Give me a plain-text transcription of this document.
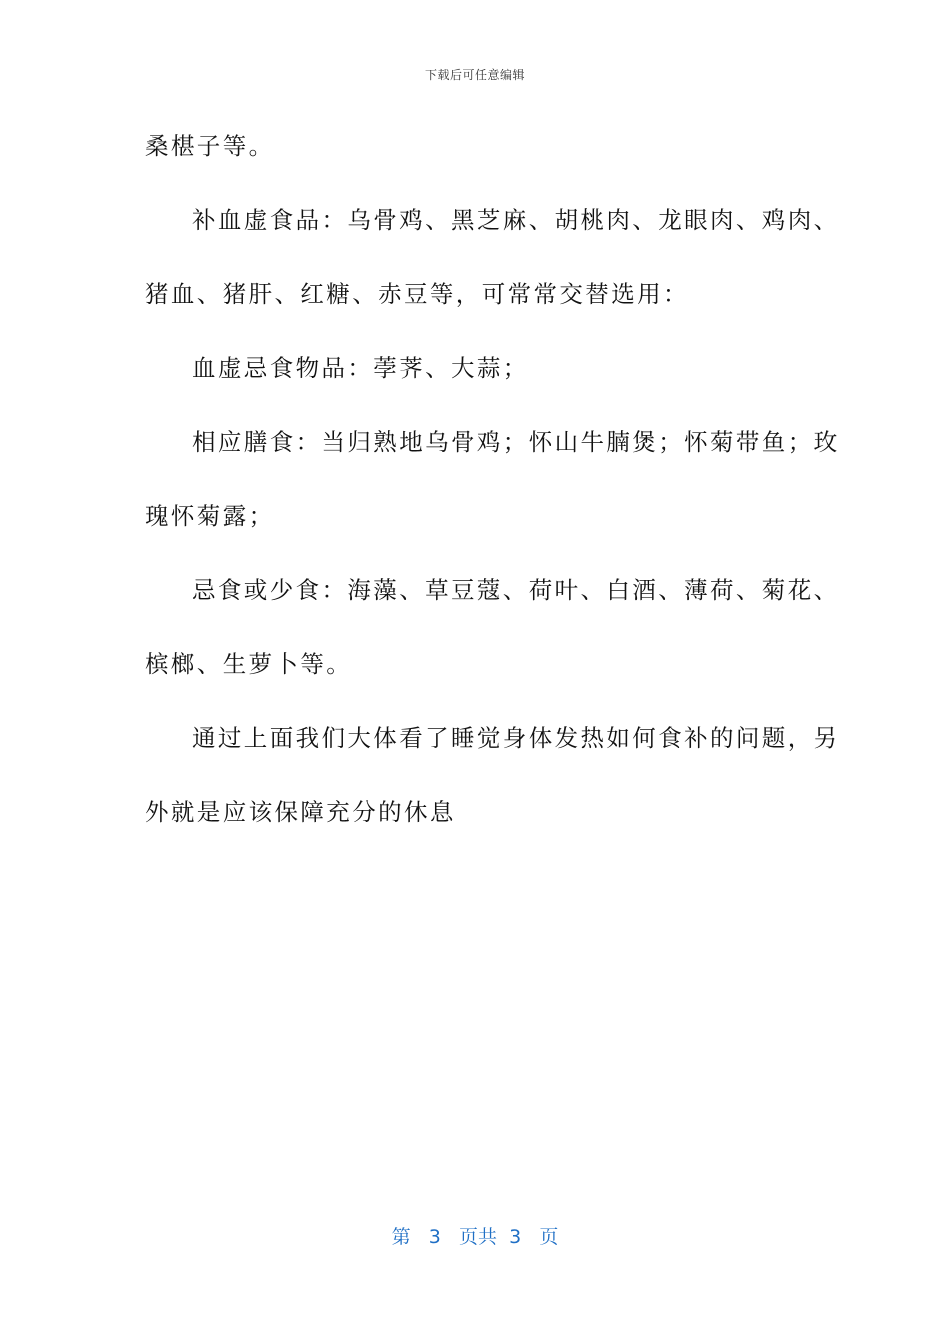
下载后可任意编辑
桑椹子等。
补血虚食品：乌骨鸡、黑芝麻、胡桃肉、龙眼肉、鸡肉、
猪血、猪肝、红糖、赤豆等，可常常交替选用：
血虚忌食物品：荸荠、大蒜；
相应膳食：当归熟地乌骨鸡；怀山牛腩煲；怀菊带鱼；玫
瑰怀菊露；
忌食或少食：海藻、草豆蔻、荷叶、白酒、薄荷、菊花、
槟榔、生萝卜等。
通过上面我们大体看了睡觉身体发热如何食补的问题，另
外就是应该保障充分的休息
第 3 页共 3 页
